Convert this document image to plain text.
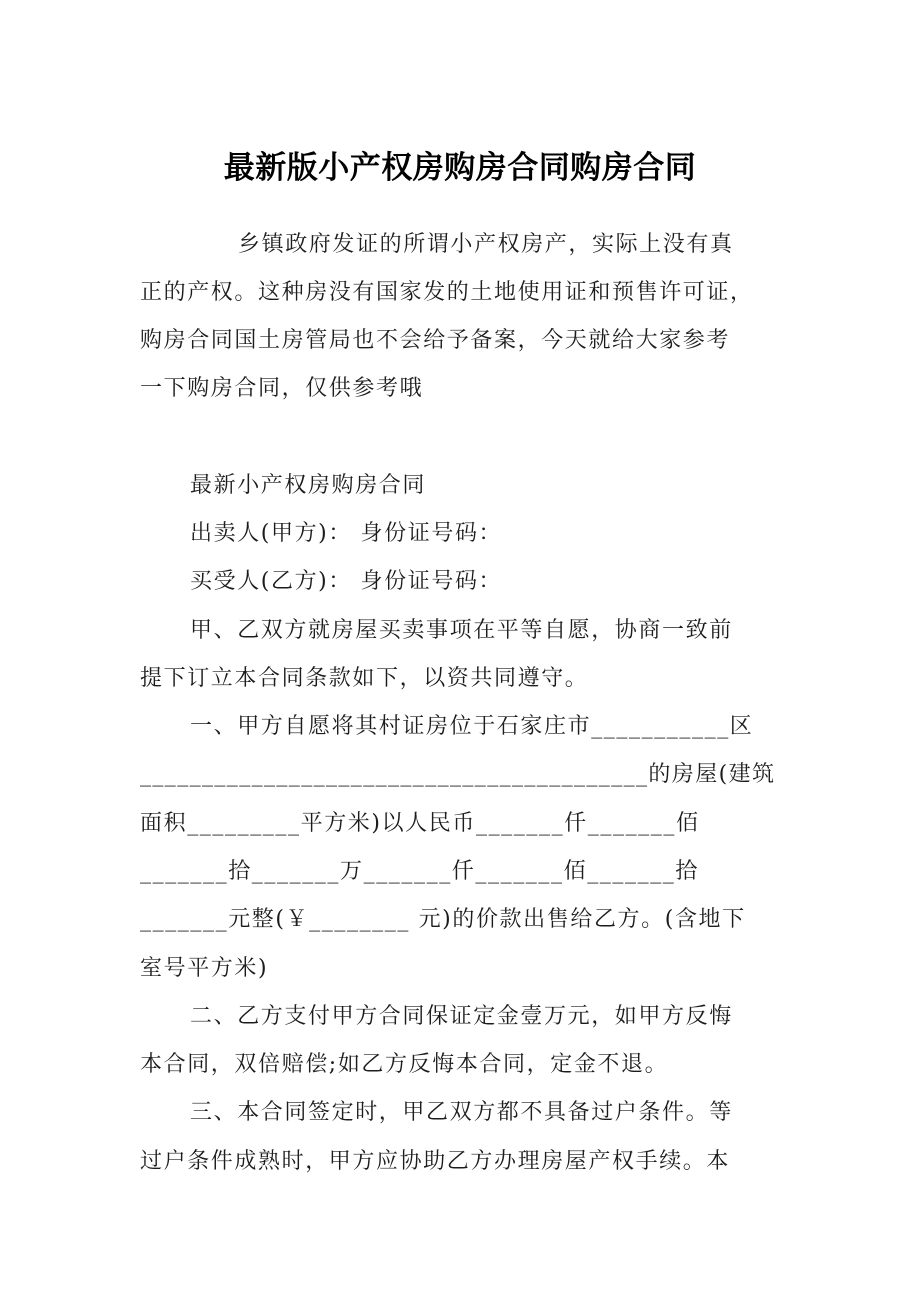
最新版小产权房购房合同购房合同
乡镇政府发证的所谓小产权房产，实际上没有真
正的产权。这种房没有国家发的土地使用证和预售许可证，
购房合同国土房管局也不会给予备案，今天就给大家参考
一下购房合同，仅供参考哦
最新小产权房购房合同
出卖人(甲方)： 身份证号码：
买受人(乙方)： 身份证号码：
甲、乙双方就房屋买卖事项在平等自愿，协商一致前
提下订立本合同条款如下，以资共同遵守。
一、甲方自愿将其村证房位于石家庄市___________区
_________________________________________的房屋(建筑
面积_________平方米)以人民币_______仟_______佰
_______拾_______万_______仟_______佰_______拾
_______元整(￥________ 元)的价款出售给乙方。(含地下
室号平方米)
二、乙方支付甲方合同保证定金壹万元，如甲方反悔
本合同，双倍赔偿;如乙方反悔本合同，定金不退。
三、本合同签定时，甲乙双方都不具备过户条件。等
过户条件成熟时，甲方应协助乙方办理房屋产权手续。本
